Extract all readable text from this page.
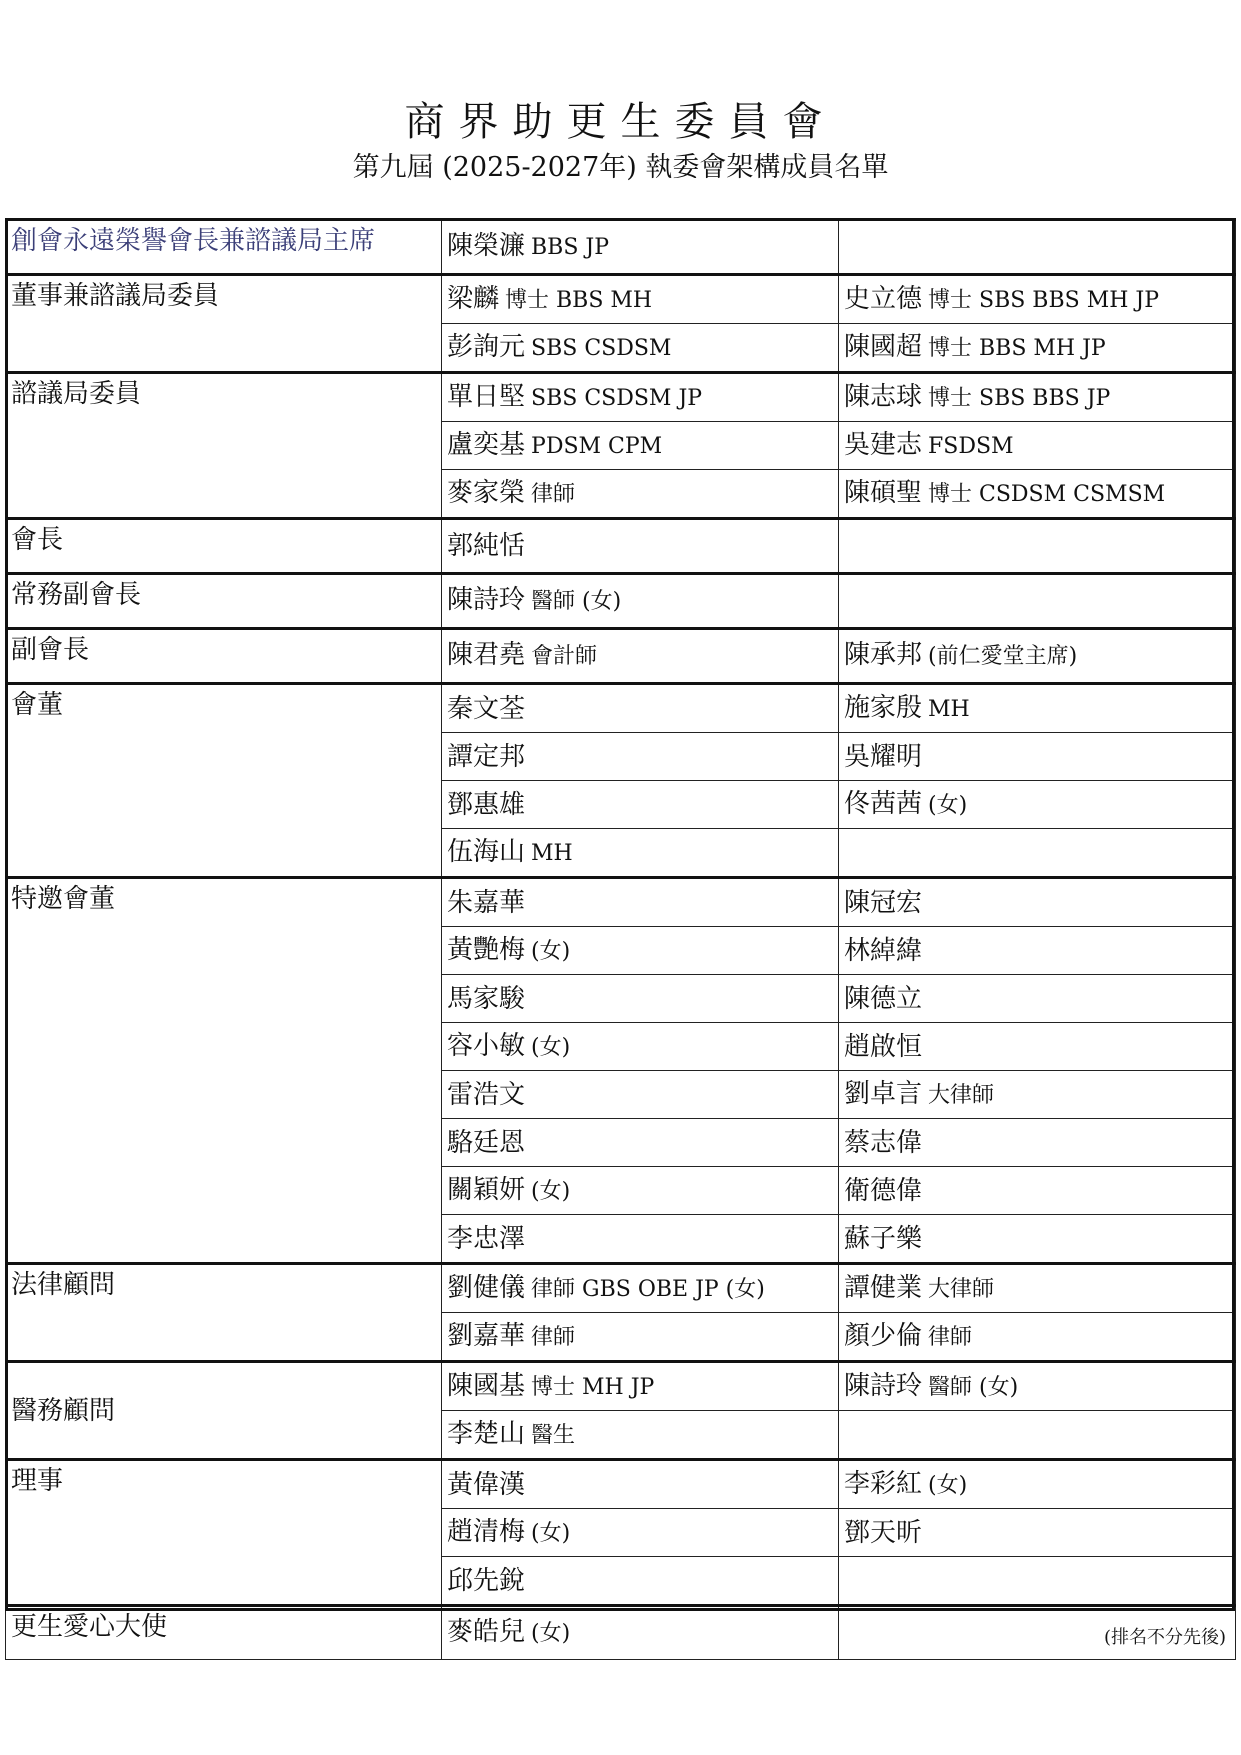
商界助更生委員會
第九屆 (2025-2027年) 執委會架構成員名單
創會永遠榮譽會長兼諮議局主席	陳榮濂 BBS JP	
董事兼諮議局委員	梁麟 博士 BBS MH	史立德 博士 SBS BBS MH JP
	彭詢元 SBS CSDSM	陳國超 博士 BBS MH JP
諮議局委員	單日堅 SBS CSDSM JP	陳志球 博士 SBS BBS JP
	盧奕基 PDSM CPM	吳建志 FSDSM
	麥家榮 律師	陳碩聖 博士 CSDSM CSMSM
會長	郭純恬	
常務副會長	陳詩玲 醫師 (女)	
副會長	陳君堯 會計師	陳承邦 (前仁愛堂主席)
會董	秦文荃	施家殷 MH
	譚定邦	吳耀明
	鄧惠雄	佟茜茜 (女)
	伍海山 MH	
特邀會董	朱嘉華	陳冠宏
	黃艷梅 (女)	林綽緯
	馬家駿	陳德立
	容小敏 (女)	趙啟恒
	雷浩文	劉卓言 大律師
	駱廷恩	蔡志偉
	關穎妍 (女)	衛德偉
	李忠澤	蘇子樂
法律顧問	劉健儀 律師 GBS OBE JP (女)	譚健業 大律師
	劉嘉華 律師	顏少倫 律師
醫務顧問	陳國基 博士 MH JP	陳詩玲 醫師 (女)
	李楚山 醫生	
理事	黃偉漢	李彩紅 (女)
	趙清梅 (女)	鄧天昕
	邱先銳	
更生愛心大使	麥皓兒 (女)		(排名不分先後)
